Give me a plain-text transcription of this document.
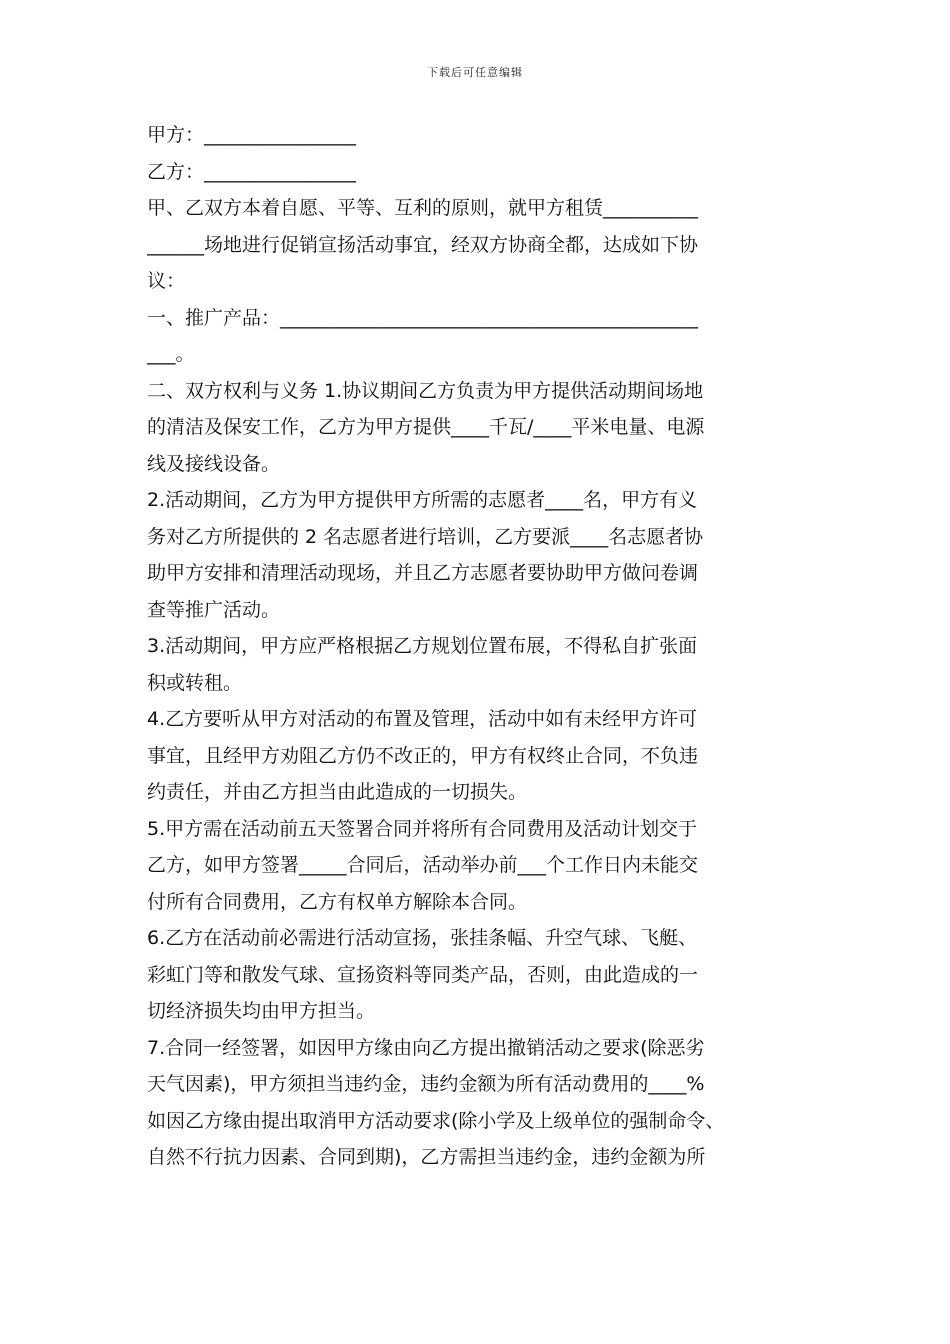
下载后可任意编辑
甲方：________________
乙方：________________
甲、乙双方本着自愿、平等、互利的原则，就甲方租赁__________
______场地进行促销宣扬活动事宜，经双方协商全都，达成如下协
议：
一、推广产品：____________________________________________
___。
二、双方权利与义务 1.协议期间乙方负责为甲方提供活动期间场地
的清洁及保安工作，乙方为甲方提供____千瓦/____平米电量、电源
线及接线设备。
2.活动期间，乙方为甲方提供甲方所需的志愿者____名，甲方有义
务对乙方所提供的 2 名志愿者进行培训，乙方要派____名志愿者协
助甲方安排和清理活动现场，并且乙方志愿者要协助甲方做问卷调
查等推广活动。
3.活动期间，甲方应严格根据乙方规划位置布展，不得私自扩张面
积或转租。
4.乙方要听从甲方对活动的布置及管理，活动中如有未经甲方许可
事宜，且经甲方劝阻乙方仍不改正的，甲方有权终止合同，不负违
约责任，并由乙方担当由此造成的一切损失。
5.甲方需在活动前五天签署合同并将所有合同费用及活动计划交于
乙方，如甲方签署_____合同后，活动举办前___个工作日内未能交
付所有合同费用，乙方有权单方解除本合同。
6.乙方在活动前必需进行活动宣扬，张挂条幅、升空气球、飞艇、
彩虹门等和散发气球、宣扬资料等同类产品，否则，由此造成的一
切经济损失均由甲方担当。
7.合同一经签署，如因甲方缘由向乙方提出撤销活动之要求(除恶劣
天气因素)，甲方须担当违约金，违约金额为所有活动费用的____%
如因乙方缘由提出取消甲方活动要求(除小学及上级单位的强制命令、
自然不行抗力因素、合同到期)，乙方需担当违约金，违约金额为所
